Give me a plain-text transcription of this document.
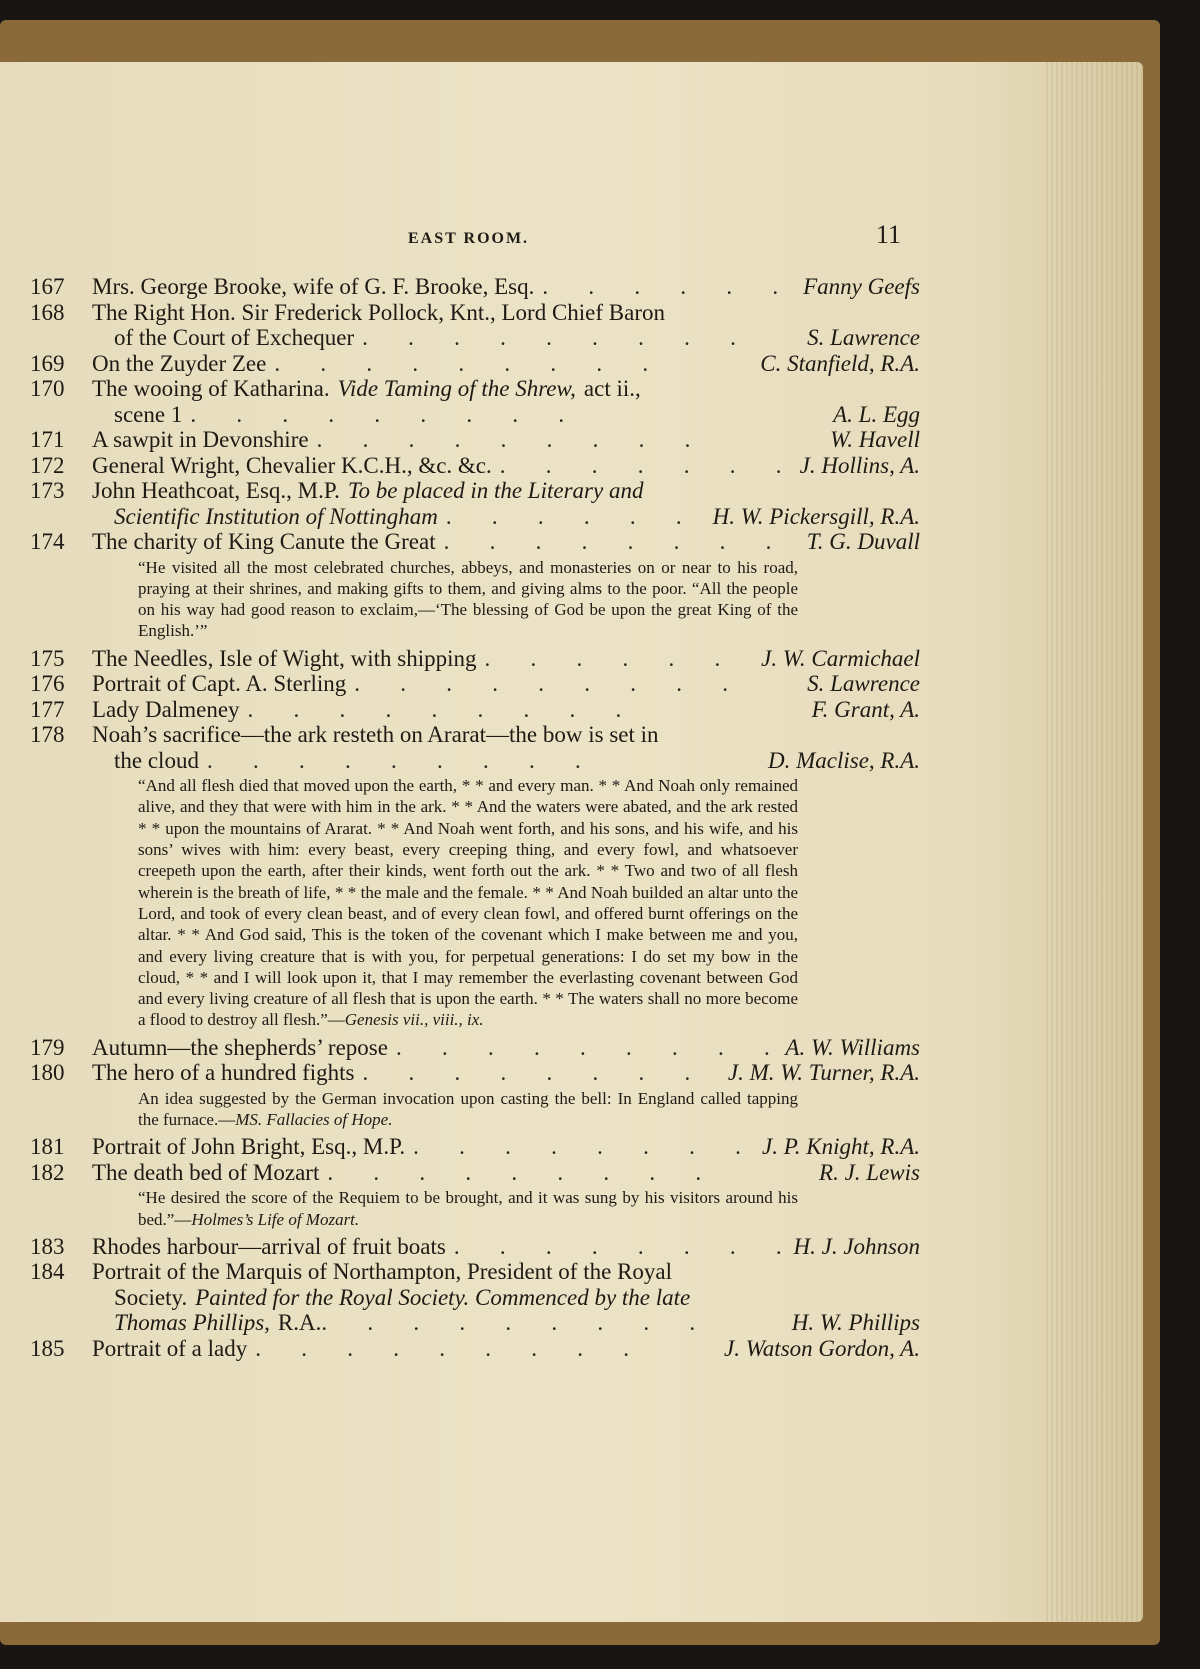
EAST ROOM.	11
167	Mrs. George Brooke, wife of G. F. Brooke, Esq. .	Fanny Geefs
168	The Right Hon. Sir Frederick Pollock, Knt., Lord Chief Baron
of the Court of Exchequer .	S. Lawrence
169	On the Zuyder Zee .	C. Stanfield, R.A.
170	The wooing of Katharina. Vide Taming of the Shrew, act ii.,
scene 1 .	A. L. Egg
171	A sawpit in Devonshire .	W. Havell
172	General Wright, Chevalier K.C.H., &c. &c. .	J. Hollins, A.
173	John Heathcoat, Esq., M.P. To be placed in the Literary and
Scientific Institution of Nottingham .	H. W. Pickersgill, R.A.
174	The charity of King Canute the Great .	T. G. Duvall
“He visited all the most celebrated churches, abbeys, and monasteries on or near to his road, praying at their shrines, and making gifts to them, and giving alms to the poor. “All the people on his way had good reason to exclaim,—‘The blessing of God be upon the great King of the English.’”
175	The Needles, Isle of Wight, with shipping .	J. W. Carmichael
176	Portrait of Capt. A. Sterling .	S. Lawrence
177	Lady Dalmeney .	F. Grant, A.
178	Noah’s sacrifice—the ark resteth on Ararat—the bow is set in
the cloud .	D. Maclise, R.A.
“And all flesh died that moved upon the earth, * * and every man. * * And Noah only remained alive, and they that were with him in the ark. * * And the waters were abated, and the ark rested * * upon the mountains of Ararat. * * And Noah went forth, and his sons, and his wife, and his sons’ wives with him: every beast, every creeping thing, and every fowl, and whatsoever creepeth upon the earth, after their kinds, went forth out the ark. * * Two and two of all flesh wherein is the breath of life, * * the male and the female. * * And Noah builded an altar unto the Lord, and took of every clean beast, and of every clean fowl, and offered burnt offerings on the altar. * * And God said, This is the token of the covenant which I make between me and you, and every living creature that is with you, for perpetual generations: I do set my bow in the cloud, * * and I will look upon it, that I may remember the everlasting covenant between God and every living creature of all flesh that is upon the earth. * * The waters shall no more become a flood to destroy all flesh.”—Genesis vii., viii., ix.
179	Autumn—the shepherds’ repose .	A. W. Williams
180	The hero of a hundred fights .	J. M. W. Turner, R.A.
An idea suggested by the German invocation upon casting the bell: In England called tapping the furnace.—MS. Fallacies of Hope.
181	Portrait of John Bright, Esq., M.P. .	J. P. Knight, R.A.
182	The death bed of Mozart .	R. J. Lewis
“He desired the score of the Requiem to be brought, and it was sung by his visitors around his bed.”—Holmes’s Life of Mozart.
183	Rhodes harbour—arrival of fruit boats .	H. J. Johnson
184	Portrait of the Marquis of Northampton, President of the Royal
Society. Painted for the Royal Society. Commenced by the late
Thomas Phillips, R.A. .	H. W. Phillips
185	Portrait of a lady .	J. Watson Gordon, A.
